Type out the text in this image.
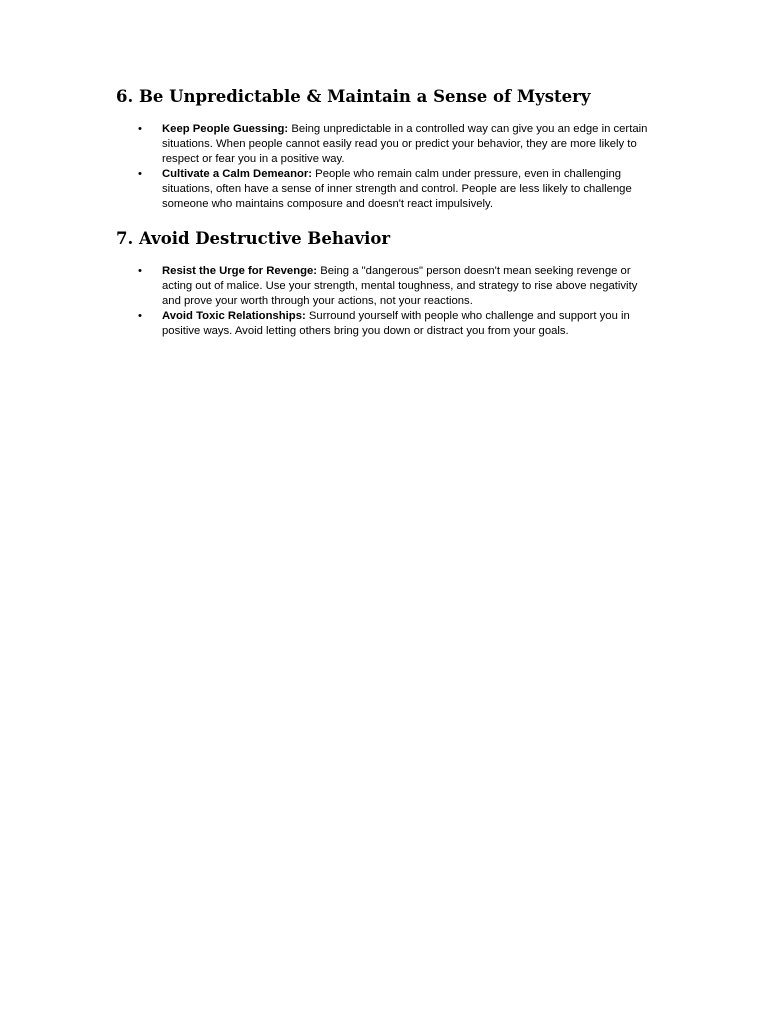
6. Be Unpredictable & Maintain a Sense of Mystery
• Keep People Guessing: Being unpredictable in a controlled way can give you an edge in certain situations. When people cannot easily read you or predict your behavior, they are more likely to respect or fear you in a positive way.
• Cultivate a Calm Demeanor: People who remain calm under pressure, even in challenging situations, often have a sense of inner strength and control. People are less likely to challenge someone who maintains composure and doesn't react impulsively.
7. Avoid Destructive Behavior
• Resist the Urge for Revenge: Being a "dangerous" person doesn't mean seeking revenge or acting out of malice. Use your strength, mental toughness, and strategy to rise above negativity and prove your worth through your actions, not your reactions.
• Avoid Toxic Relationships: Surround yourself with people who challenge and support you in positive ways. Avoid letting others bring you down or distract you from your goals.
